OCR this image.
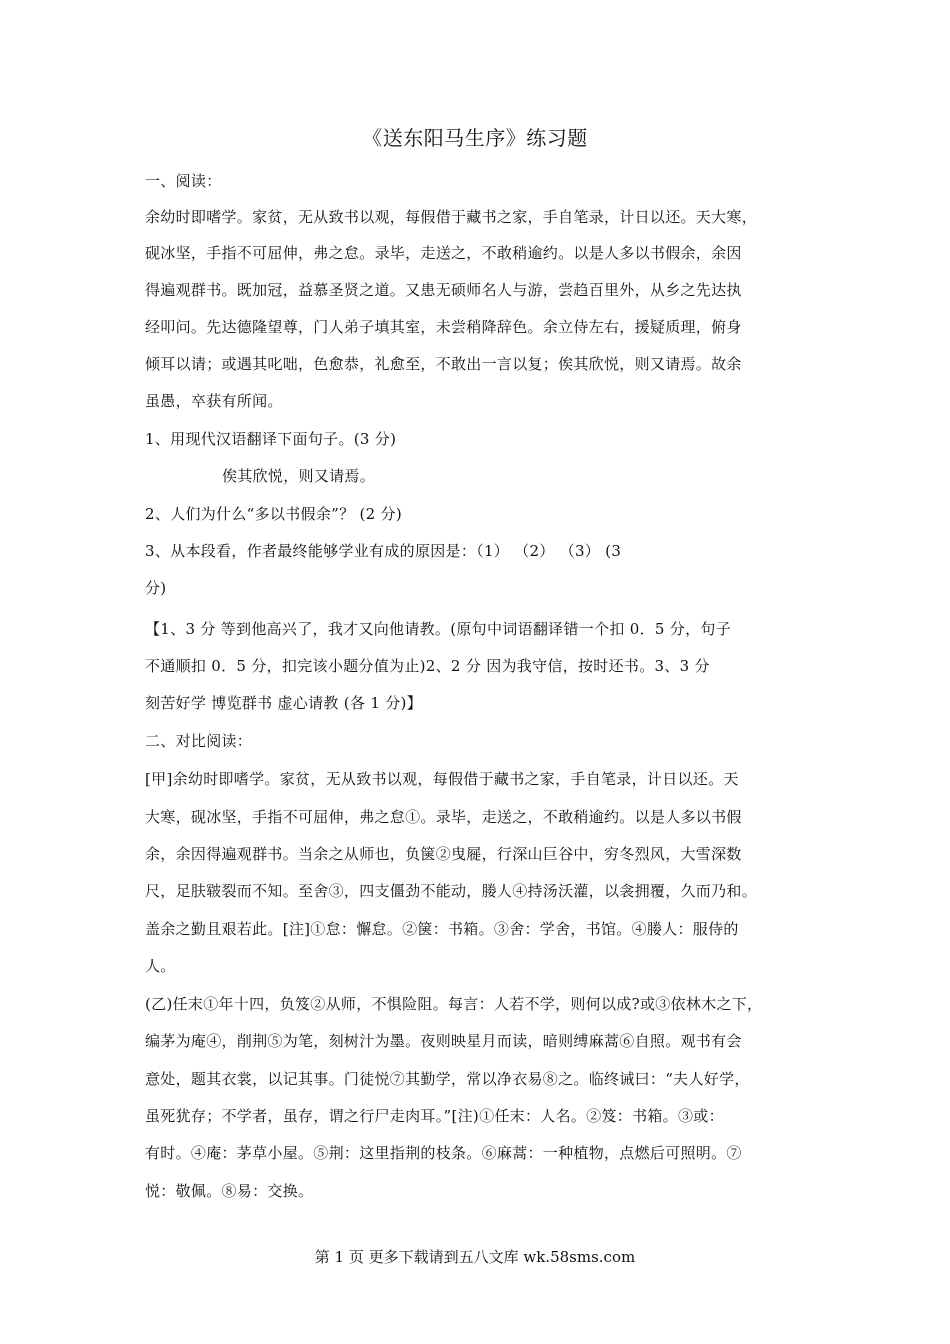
《送东阳马生序》练习题
一、阅读：
余幼时即嗜学。家贫，无从致书以观，每假借于藏书之家，手自笔录，计日以还。天大寒，
砚冰坚，手指不可屈伸，弗之怠。录毕，走送之，不敢稍逾约。以是人多以书假余，余因
得遍观群书。既加冠，益慕圣贤之道。又患无硕师名人与游，尝趋百里外，从乡之先达执
经叩问。先达德隆望尊，门人弟子填其室，未尝稍降辞色。余立侍左右，援疑质理，俯身
倾耳以请；或遇其叱咄，色愈恭，礼愈至，不敢出一言以复；俟其欣悦，则又请焉。故余
虽愚，卒获有所闻。
1、用现代汉语翻译下面句子。(3 分)
俟其欣悦，则又请焉。
2、人们为什么“多以书假余”？ (2 分)
3、从本段看，作者最终能够学业有成的原因是：（1） （2） （3） (3
分)
【1、3 分 等到他高兴了，我才又向他请教。(原句中词语翻译错一个扣 0．5 分，句子
不通顺扣 0．5 分，扣完该小题分值为止)2、2 分 因为我守信，按时还书。3、3 分
刻苦好学 博览群书 虚心请教 (各 1 分)】
二、对比阅读：
[甲]余幼时即嗜学。家贫，无从致书以观，每假借于藏书之家，手自笔录，计日以还。天
大寒，砚冰坚，手指不可屈伸，弗之怠①。录毕，走送之，不敢稍逾约。以是人多以书假
余，余因得遍观群书。当余之从师也，负箧②曳屣，行深山巨谷中，穷冬烈风，大雪深数
尺，足肤皲裂而不知。至舍③，四支僵劲不能动，媵人④持汤沃灌，以衾拥覆，久而乃和。
盖余之勤且艰若此。[注]①怠：懈怠。②箧：书箱。③舍：学舍，书馆。④媵人：服侍的
人。
(乙)任末①年十四，负笈②从师，不惧险阻。每言：人若不学，则何以成?或③依林木之下，
编茅为庵④，削荆⑤为笔，刻树汁为墨。夜则映星月而读，暗则缚麻蒿⑥自照。观书有会
意处，题其衣裳，以记其事。门徒悦⑦其勤学，常以净衣易⑧之。临终诫曰：“夫人好学，
虽死犹存；不学者，虽存，谓之行尸走肉耳。”[注)①任末：人名。②笈：书箱。③或：
有时。④庵：茅草小屋。⑤荆：这里指荆的枝条。⑥麻蒿：一种植物，点燃后可照明。⑦
悦：敬佩。⑧易：交换。
第 1 页 更多下载请到五八文库 wk.58sms.com
